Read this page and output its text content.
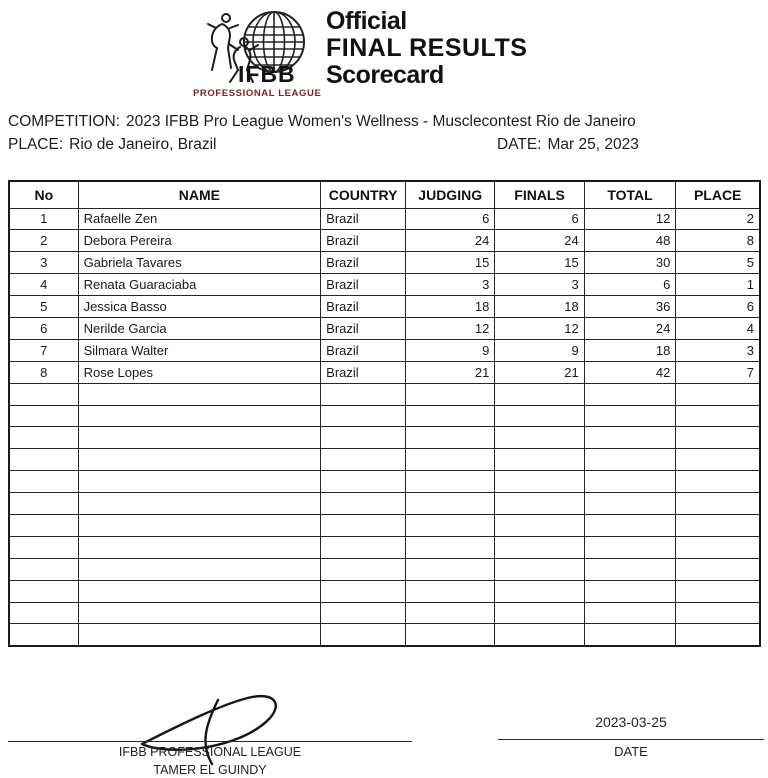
IFBB
PROFESSIONAL LEAGUE
Official
FINAL RESULTS
Scorecard
COMPETITION: 2023 IFBB Pro League Women's Wellness - Musclecontest Rio de Janeiro
PLACE: Rio de Janeiro, Brazil	DATE: Mar 25, 2023
No	NAME	COUNTRY	JUDGING	FINALS	TOTAL	PLACE
1	Rafaelle Zen	Brazil	6	6	12	2
2	Debora Pereira	Brazil	24	24	48	8
3	Gabriela Tavares	Brazil	15	15	30	5
4	Renata Guaraciaba	Brazil	3	3	6	1
5	Jessica Basso	Brazil	18	18	36	6
6	Nerilde Garcia	Brazil	12	12	24	4
7	Silmara Walter	Brazil	9	9	18	3
8	Rose Lopes	Brazil	21	21	42	7

IFBB PROFESSIONAL LEAGUE
TAMER EL GUINDY
2023-03-25
DATE
